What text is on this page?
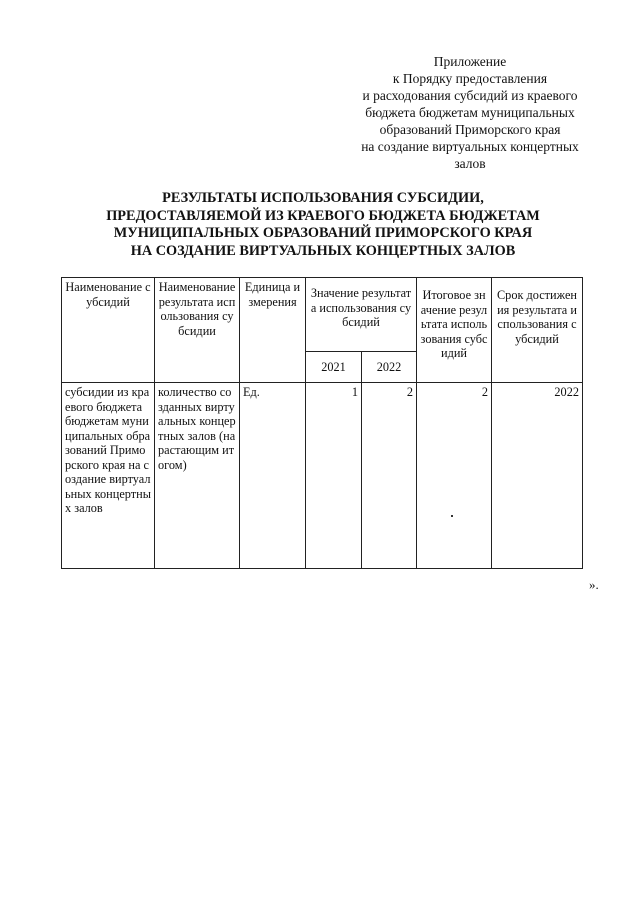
Приложение
к Порядку предоставления
и расходования субсидий из краевого
бюджета бюджетам муниципальных
образований Приморского края
на создание виртуальных концертных
залов
РЕЗУЛЬТАТЫ ИСПОЛЬЗОВАНИЯ СУБСИДИИ,
ПРЕДОСТАВЛЯЕМОЙ ИЗ КРАЕВОГО БЮДЖЕТА БЮДЖЕТАМ
МУНИЦИПАЛЬНЫХ ОБРАЗОВАНИЙ ПРИМОРСКОГО КРАЯ
НА СОЗДАНИЕ ВИРТУАЛЬНЫХ КОНЦЕРТНЫХ ЗАЛОВ
Наименование субсидий	Наименование результата использования субсидии	Единица измерения	Значение результата использования субсидий		Итоговое значение результата использования субсидий	Срок достижения результата использования субсидий
			2021	2022		
субсидии из краевого бюджета бюджетам муниципальных образований Приморского края на создание виртуальных концертных залов	количество созданных виртуальных концертных залов (нарастающим итогом)	Ед.	1	2	2	2022
».
